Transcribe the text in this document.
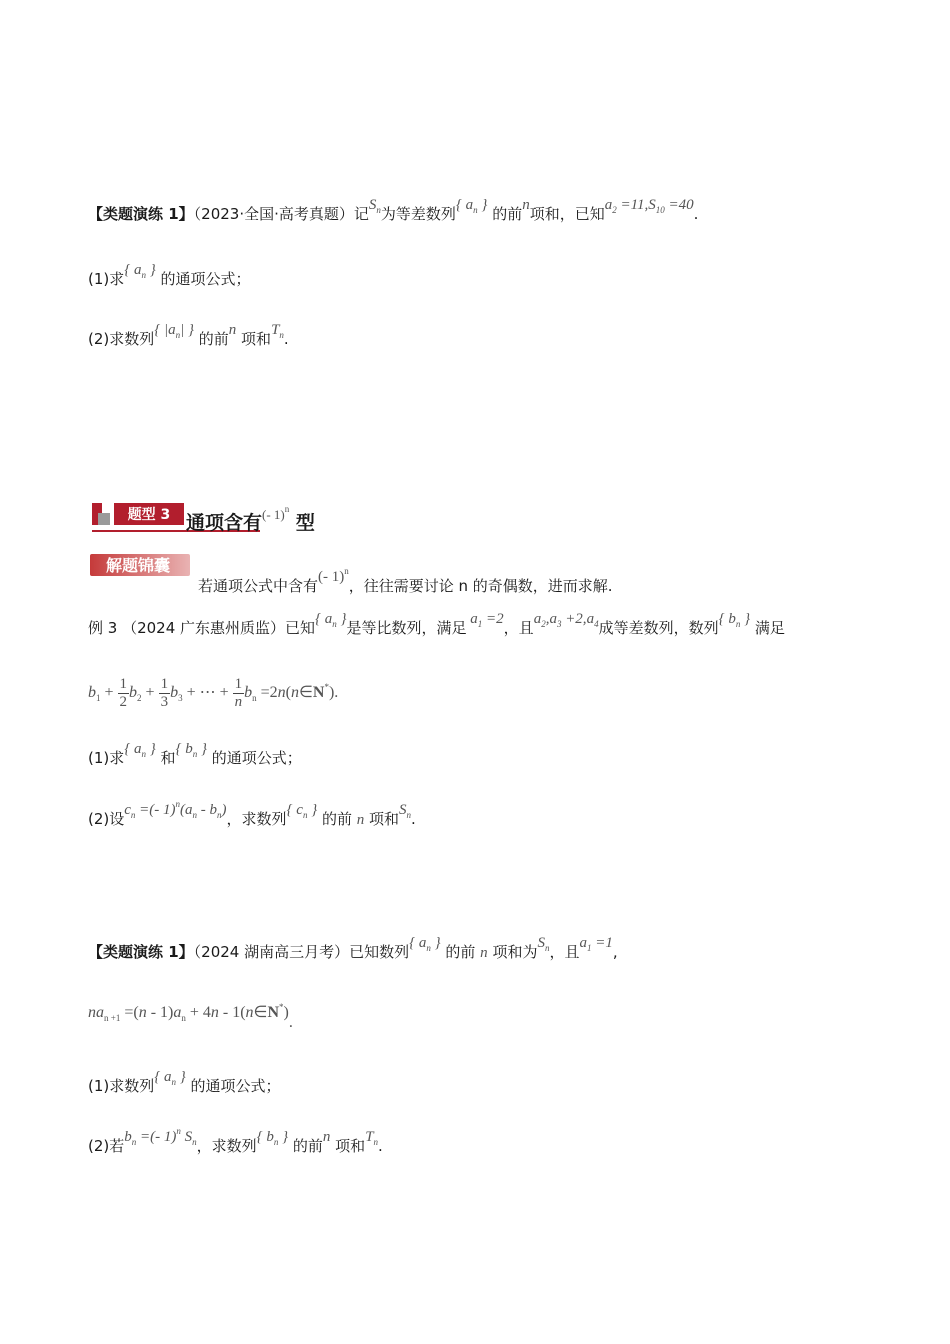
【类题演练 1】（2023·全国·高考真题）记$S_n$为等差数列{ $a_n$ } 的前n项和，已知$a_2 =11,S_{10} =40$.
(1)求{ $a_n$ } 的通项公式；
(2)求数列{ $|a_n|$ } 的前n 项和$T_n$.
题型 3 通项含有$^{(- 1)^n}$ 型
解题锦囊
若通项公式中含有(- 1)$^n$，往往需要讨论 n 的奇偶数，进而求解.
例 3 （2024 广东惠州质监）已知{ $a_n$ }是等比数列，满足 $a_1 =2$，且$a_2,a_3 +2,a_4$成等差数列，数列{ $b_n$ } 满足
$b_1 + \frac{1}{2} b_2 + \frac{1}{3} b_3$ + ⋯ + $\frac{1}{n} b_n$ =2n(n∈N*).
(1)求{ $a_n$ } 和{ $b_n$ } 的通项公式；
(2)设$c_n$ =(- $1)^n(a_n - b_n)$，求数列{ $c_n$ } 的前 n 项和$S_n$.
【类题演练 1】（2024 湖南高三月考）已知数列{ $a_n$ } 的前 n 项和为$S_n$，且$a_1 =1$,
$na_{n +1} =(n - 1)a_n + 4n$ - 1(n∈N*).
(1)求数列{ $a_n$ } 的通项公式；
(2)若$b_n$ =(- 1)$^n$ $S_n$，求数列{ $b_n$ } 的前n 项和$T_n$.
